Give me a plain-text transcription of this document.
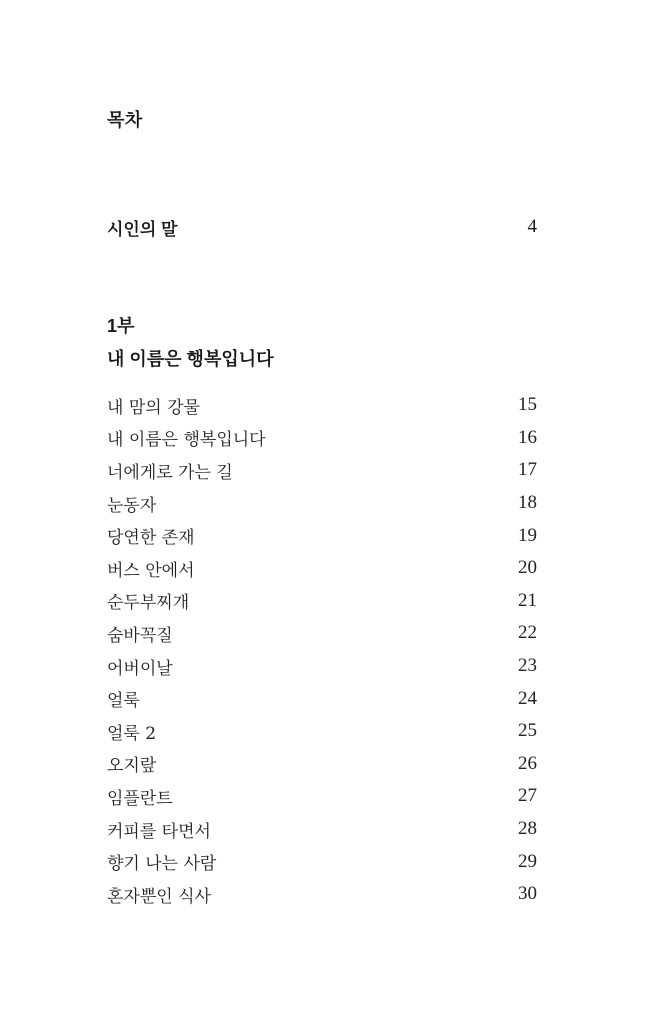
목차
시인의 말	4
1부
내 이름은 행복입니다
내 맘의 강물	15
내 이름은 행복입니다	16
너에게로 가는 길	17
눈동자	18
당연한 존재	19
버스 안에서	20
순두부찌개	21
숨바꼭질	22
어버이날	23
얼룩	24
얼룩 2	25
오지랖	26
임플란트	27
커피를 타면서	28
향기 나는 사람	29
혼자뿐인 식사	30
